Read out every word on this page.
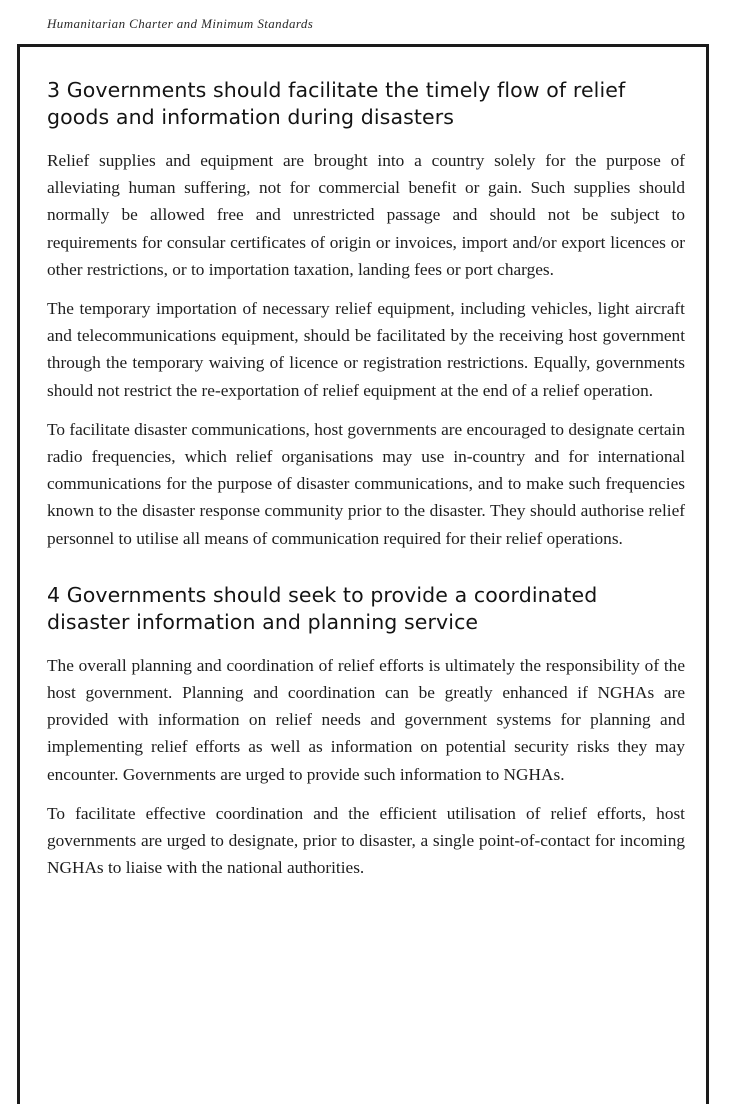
Humanitarian Charter and Minimum Standards
3 Governments should facilitate the timely flow of relief goods and information during disasters

Relief supplies and equipment are brought into a country solely for the purpose of alleviating human suffering, not for commercial benefit or gain. Such supplies should normally be allowed free and unrestricted passage and should not be subject to requirements for consular certificates of origin or invoices, import and/or export licences or other restrictions, or to importation taxation, landing fees or port charges.

The temporary importation of necessary relief equipment, including vehicles, light aircraft and telecommunications equipment, should be facilitated by the receiving host government through the temporary waiving of licence or registration restrictions. Equally, governments should not restrict the re-exportation of relief equipment at the end of a relief operation.

To facilitate disaster communications, host governments are encouraged to designate certain radio frequencies, which relief organisations may use in-country and for international communications for the purpose of disaster communications, and to make such frequencies known to the disaster response community prior to the disaster. They should authorise relief personnel to utilise all means of communication required for their relief operations.

4 Governments should seek to provide a coordinated disaster information and planning service

The overall planning and coordination of relief efforts is ultimately the responsibility of the host government. Planning and coordination can be greatly enhanced if NGHAs are provided with information on relief needs and government systems for planning and implementing relief efforts as well as information on potential security risks they may encounter. Governments are urged to provide such information to NGHAs.

To facilitate effective coordination and the efficient utilisation of relief efforts, host governments are urged to designate, prior to disaster, a single point-of-contact for incoming NGHAs to liaise with the national authorities.
